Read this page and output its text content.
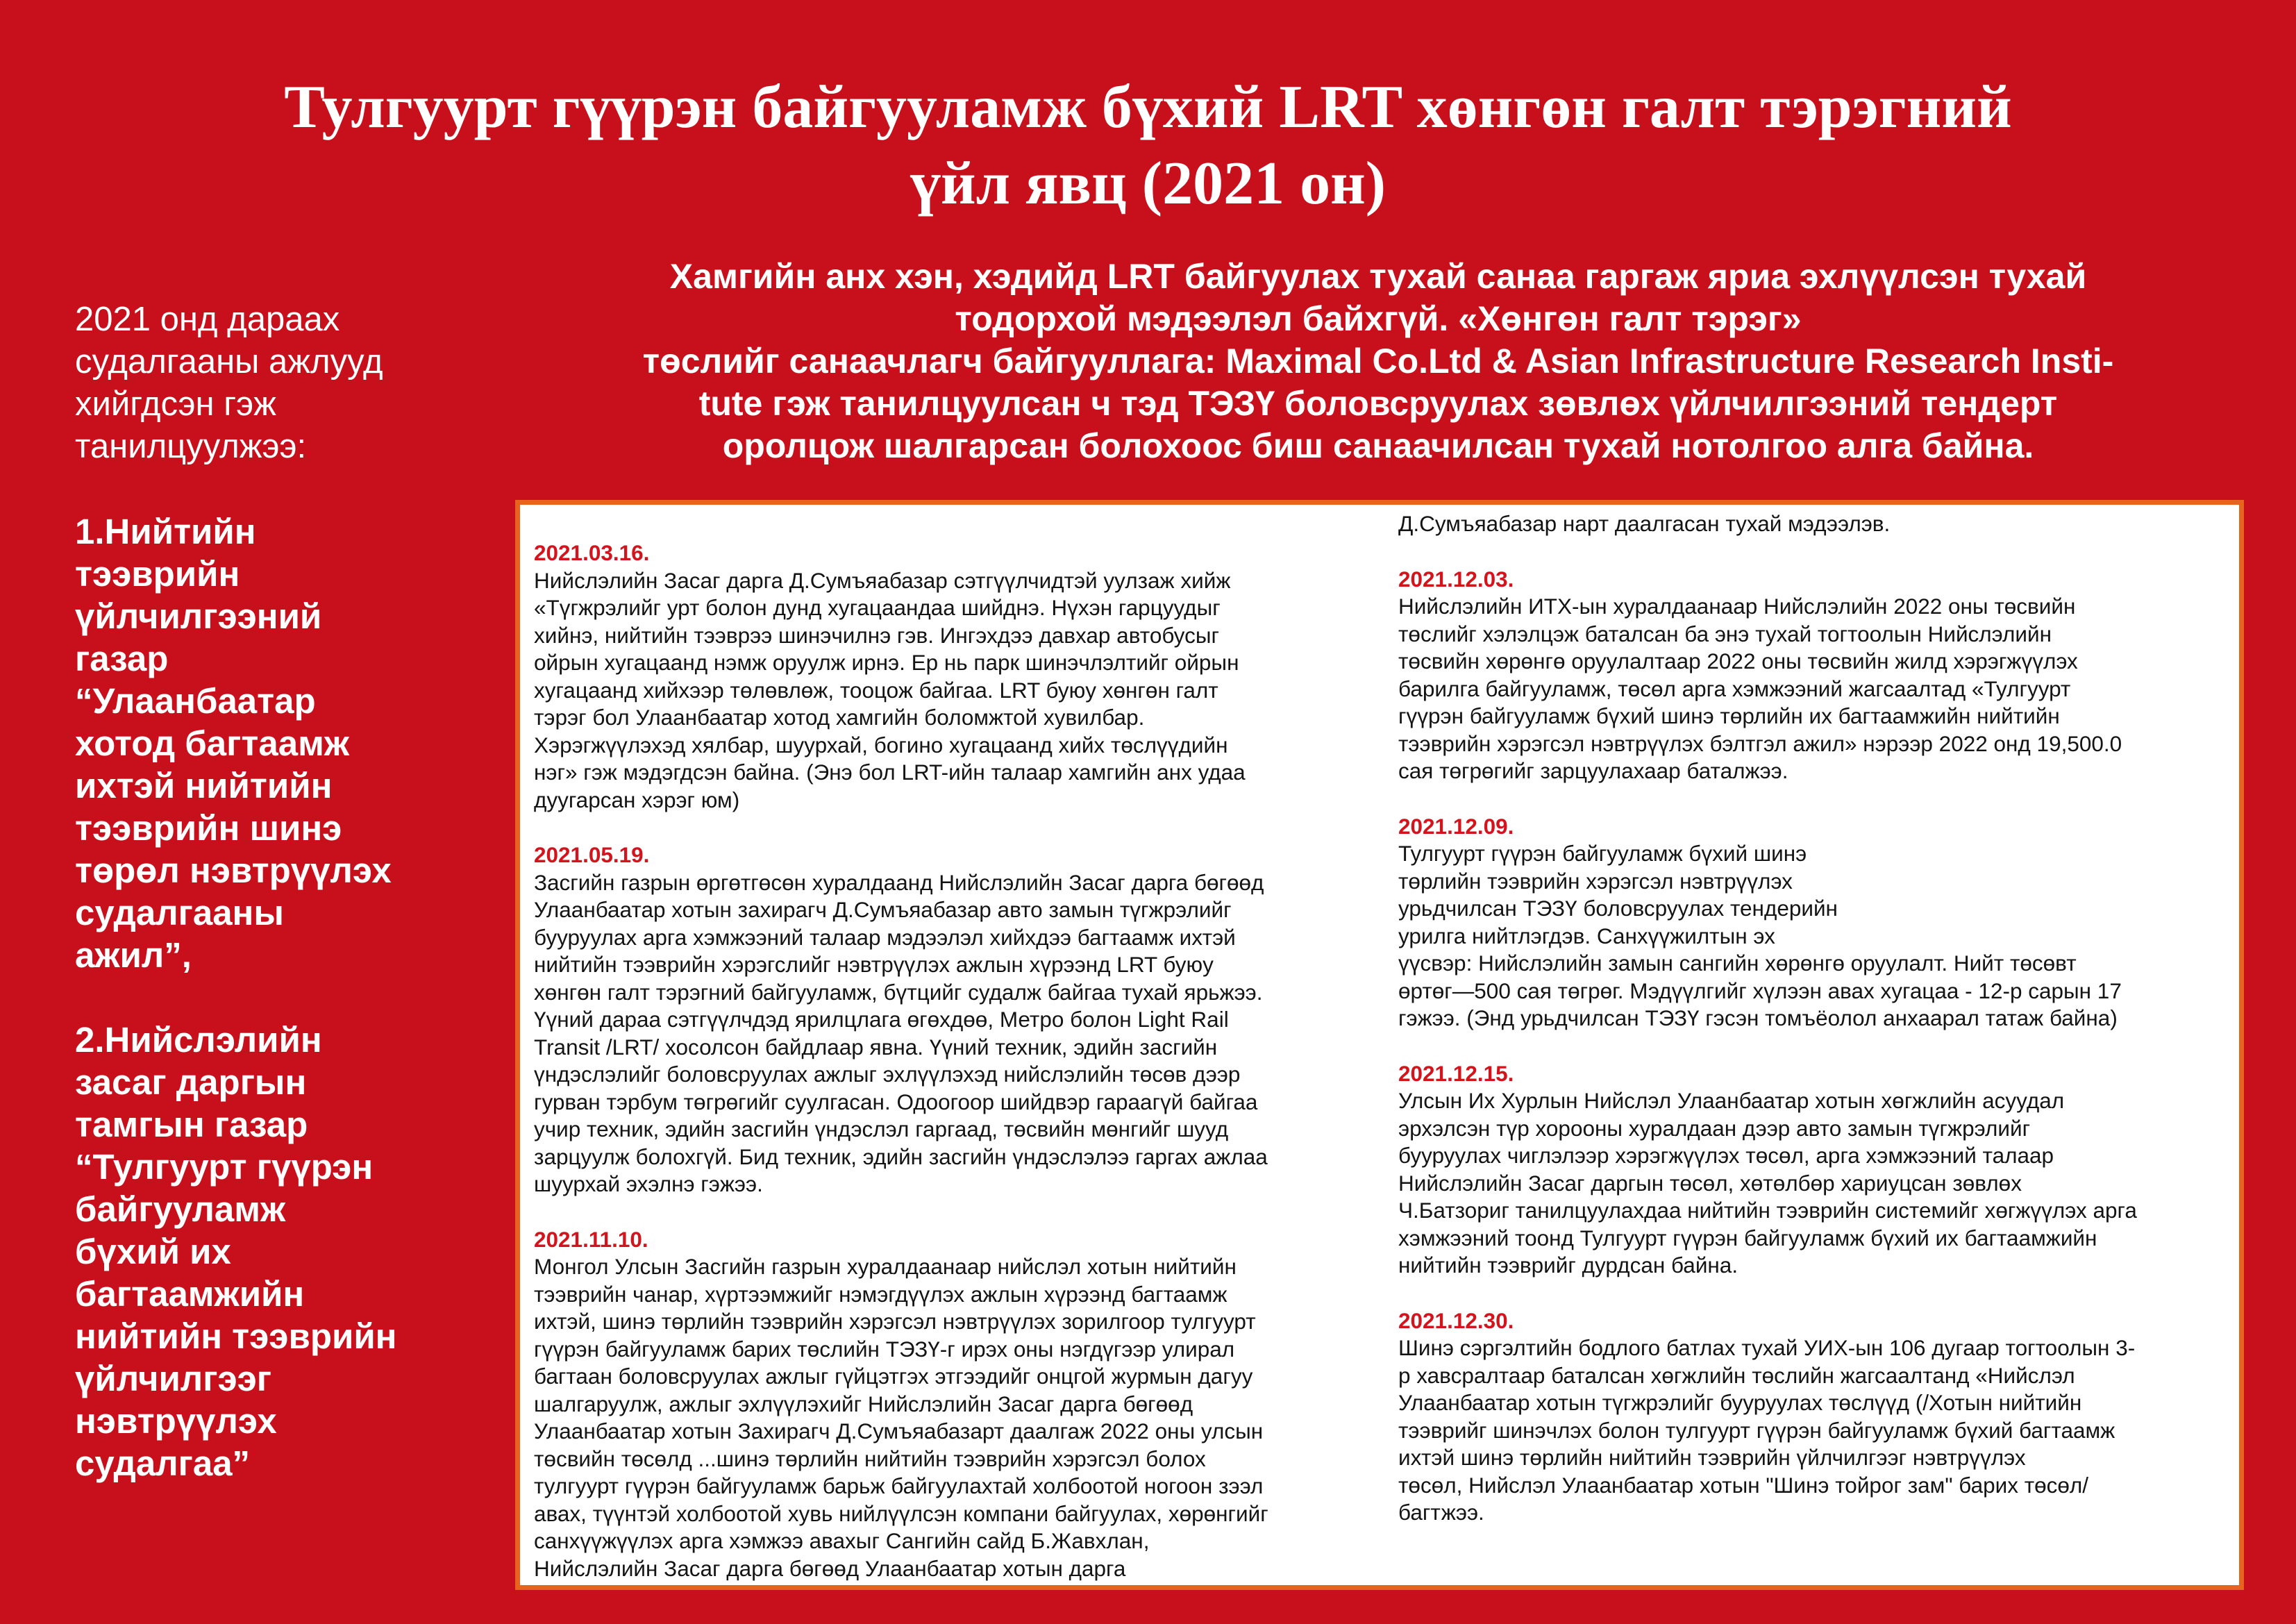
Тулгуурт гүүрэн байгууламж бүхий LRT хөнгөн галт тэрэгний
үйл явц (2021 он)
Хамгийн анх хэн, хэдийд LRT байгуулах тухай санаа гаргаж яриа эхлүүлсэн тухай
тодорхой мэдээлэл байхгүй. «Хөнгөн галт тэрэг»
төслийг санаачлагч байгууллага: Maximal Co.Ltd & Asian Infrastructure Research Insti-
tute гэж танилцуулсан ч тэд ТЭЗҮ боловсруулах зөвлөх үйлчилгээний тендерт
оролцож шалгарсан болохоос биш санаачилсан тухай нотолгоо алга байна.
2021 онд дараах
судалгааны ажлууд
хийгдсэн гэж
танилцуулжээ:
1.Нийтийн
тээврийн
үйлчилгээний
газар
“Улаанбаатар
хотод багтаамж
ихтэй нийтийн
тээврийн шинэ
төрөл нэвтрүүлэх
судалгааны
ажил”,
2.Нийслэлийн
засаг даргын
тамгын газар
“Тулгуурт гүүрэн
байгууламж
бүхий их
багтаамжийн
нийтийн тээврийн
үйлчилгээг
нэвтрүүлэх
судалгаа”
2021.03.16.
Нийслэлийн Засаг дарга Д.Сумъяабазар сэтгүүлчидтэй уулзаж хийж
«Түгжрэлийг урт болон дунд хугацаандаа шийднэ. Нүхэн гарцуудыг
хийнэ, нийтийн тээврээ шинэчилнэ гэв. Ингэхдээ давхар автобусыг
ойрын хугацаанд нэмж оруулж ирнэ. Ер нь парк шинэчлэлтийг ойрын
хугацаанд хийхээр төлөвлөж, тооцож байгаа. LRT буюу хөнгөн галт
тэрэг бол Улаанбаатар хотод хамгийн боломжтой хувилбар.
Хэрэгжүүлэхэд хялбар, шуурхай, богино хугацаанд хийх төслүүдийн
нэг» гэж мэдэгдсэн байна. (Энэ бол LRT-ийн талаар хамгийн анх удаа
дуугарсан хэрэг юм)
2021.05.19.
Засгийн газрын өргөтгөсөн хуралдаанд Нийслэлийн Засаг дарга бөгөөд
Улаанбаатар хотын захирагч Д.Сумъяабазар авто замын түгжрэлийг
бууруулах арга хэмжээний талаар мэдээлэл хийхдээ багтаамж ихтэй
нийтийн тээврийн хэрэгслийг нэвтрүүлэх ажлын хүрээнд LRT буюу
хөнгөн галт тэрэгний байгууламж, бүтцийг судалж байгаа тухай ярьжээ.
Үүний дараа сэтгүүлчдэд ярилцлага өгөхдөө, Метро болон Light Rail
Transit /LRT/ хосолсон байдлаар явна. Үүний техник, эдийн засгийн
үндэслэлийг боловсруулах ажлыг эхлүүлэхэд нийслэлийн төсөв дээр
гурван тэрбум төгрөгийг суулгасан. Одоогоор шийдвэр гараагүй байгаа
учир техник, эдийн засгийн үндэслэл гаргаад, төсвийн мөнгийг шууд
зарцуулж болохгүй. Бид техник, эдийн засгийн үндэслэлээ гаргах ажлаа
шуурхай эхэлнэ гэжээ.
2021.11.10.
Монгол Улсын Засгийн газрын хуралдаанаар нийслэл хотын нийтийн
тээврийн чанар, хүртээмжийг нэмэгдүүлэх ажлын хүрээнд багтаамж
ихтэй, шинэ төрлийн тээврийн хэрэгсэл нэвтрүүлэх зорилгоор тулгуурт
гүүрэн байгууламж барих төслийн ТЭЗҮ-г ирэх оны нэгдүгээр улирал
багтаан боловсруулах ажлыг гүйцэтгэх этгээдийг онцгой журмын дагуу
шалгаруулж, ажлыг эхлүүлэхийг Нийслэлийн Засаг дарга бөгөөд
Улаанбаатар хотын Захирагч Д.Сумъяабазарт даалгаж 2022 оны улсын
төсвийн төсөлд ...шинэ төрлийн нийтийн тээврийн хэрэгсэл болох
тулгуурт гүүрэн байгууламж барьж байгуулахтай холбоотой ногоон зээл
авах, түүнтэй холбоотой хувь нийлүүлсэн компани байгуулах, хөрөнгийг
санхүүжүүлэх арга хэмжээ авахыг Сангийн сайд Б.Жавхлан,
Нийслэлийн Засаг дарга бөгөөд Улаанбаатар хотын дарга
Д.Сумъяабазар нарт даалгасан тухай мэдээлэв.
2021.12.03.
Нийслэлийн ИТХ-ын хуралдаанаар Нийслэлийн 2022 оны төсвийн
төслийг хэлэлцэж баталсан ба энэ тухай тогтоолын Нийслэлийн
төсвийн хөрөнгө оруулалтаар 2022 оны төсвийн жилд хэрэгжүүлэх
барилга байгууламж, төсөл арга хэмжээний жагсаалтад «Тулгуурт
гүүрэн байгууламж бүхий шинэ төрлийн их багтаамжийн нийтийн
тээврийн хэрэгсэл нэвтрүүлэх бэлтгэл ажил» нэрээр 2022 онд 19,500.0
сая төгрөгийг зарцуулахаар баталжээ.
2021.12.09.
Тулгуурт гүүрэн байгууламж бүхий шинэ
төрлийн тээврийн хэрэгсэл нэвтрүүлэх
урьдчилсан ТЭЗҮ боловсруулах тендерийн
урилга нийтлэгдэв. Санхүүжилтын эх
үүсвэр: Нийслэлийн замын сангийн хөрөнгө оруулалт. Нийт төсөвт
өртөг—500 сая төгрөг. Мэдүүлгийг хүлээн авах хугацаа - 12-р сарын 17
гэжээ. (Энд урьдчилсан ТЭЗҮ гэсэн томъёолол анхаарал татаж байна)
2021.12.15.
Улсын Их Хурлын Нийслэл Улаанбаатар хотын хөгжлийн асуудал
эрхэлсэн түр хорооны хуралдаан дээр авто замын түгжрэлийг
бууруулах чиглэлээр хэрэгжүүлэх төсөл, арга хэмжээний талаар
Нийслэлийн Засаг даргын төсөл, хөтөлбөр хариуцсан зөвлөх
Ч.Батзориг танилцуулахдаа нийтийн тээврийн системийг хөгжүүлэх арга
хэмжээний тоонд Тулгуурт гүүрэн байгууламж бүхий их багтаамжийн
нийтийн тээврийг дурдсан байна.
2021.12.30.
Шинэ сэргэлтийн бодлого батлах тухай УИХ-ын 106 дугаар тогтоолын 3-
р хавсралтаар баталсан хөгжлийн төслийн жагсаалтанд «Нийслэл
Улаанбаатар хотын түгжрэлийг бууруулах төслүүд (/Хотын нийтийн
тээврийг шинэчлэх болон тулгуурт гүүрэн байгууламж бүхий багтаамж
ихтэй шинэ төрлийн нийтийн тээврийн үйлчилгээг нэвтрүүлэх
төсөл, Нийслэл Улаанбаатар хотын "Шинэ тойрог зам" барих төсөл/
багтжээ.
